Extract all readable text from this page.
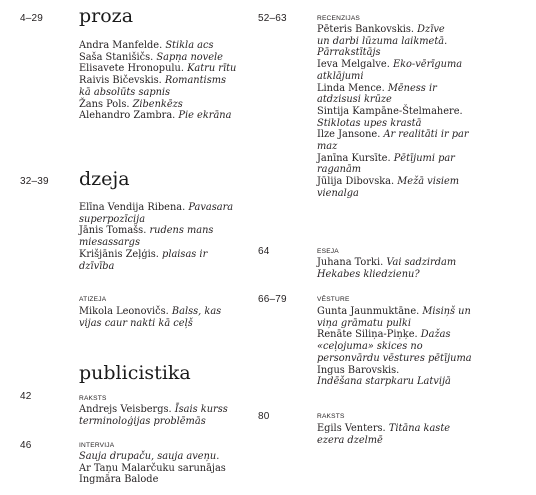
4–29 proza
Andra Manfelde. Stikla acs
Saša Stanišičs. Sapņa novele
Elisavete Hronopulu. Katru rītu
Raivis Bičevskis. Romantisms
kā absolūts sapnis
Žans Pols. Zibenkēzs
Alehandro Zambra. Pie ekrāna
32–39 dzeja
Elīna Vendija Ribena. Pavasara
superpozīcija
Jānis Tomašs. rudens mans
miesassargs
Krišjānis Zeļģis. plaisas ir
dzīvība
ATIZEJA
Mikola Leonovičs. Balss, kas
vijas caur nakti kā ceļš
publicistika
42	RAKSTS
Andrejs Veisbergs. Īsais kurss
terminoloģijas problēmās
46	INTERVIJA
Sauja drupaču, sauja aveņu.
Ar Taņu Malarčuku sarunājas
Ingmāra Balode
52–63	RECENZIJAS
Pēteris Bankovskis. Dzīve
un darbi lūzuma laikmetā.
Pārrakstītājs
Ieva Melgalve. Eko-vērīguma
atklājumi
Linda Mence. Mēness ir
atdzisusi krūze
Sintija Kampāne-Štelmahere.
Stiklotas upes krastā
Ilze Jansone. Ar realitāti ir par
maz
Janīna Kursīte. Pētījumi par
raganām
Jūlija Dibovska. Mežā visiem
vienalga
64	ESEJA
Juhana Torki. Vai sadzirdam
Hekabes kliedzienu?
66–79	VĒSTURE
Gunta Jaunmuktāne. Misiņš un
viņa grāmatu pulki
Renāte Siliņa-Piņķe. Dažas
«ceļojuma» skices no
personvārdu vēstures pētījuma
Ingus Barovskis.
Indēšana starpkaru Latvijā
80	RAKSTS
Egils Venters. Titāna kaste
ezera dzelmē
